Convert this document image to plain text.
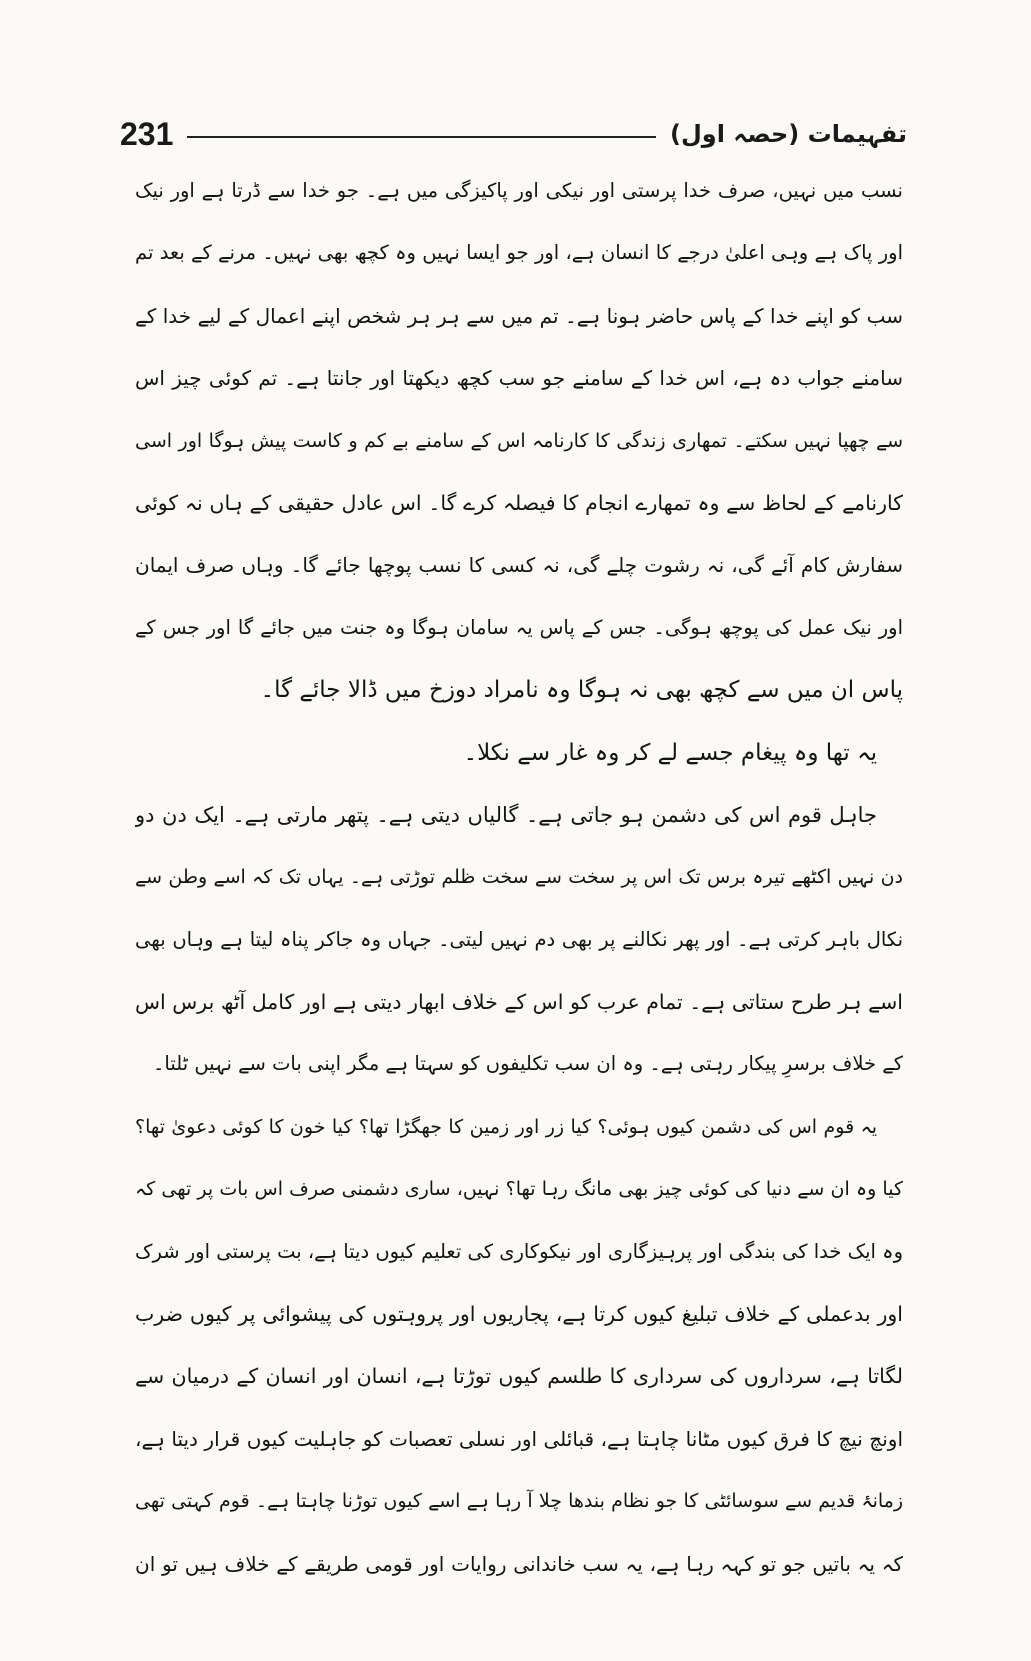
تفہیمات (حصہ اول)
231
نسب میں نہیں، صرف خدا پرستی اور نیکی اور پاکیزگی میں ہے۔ جو خدا سے ڈرتا ہے اور نیک
اور پاک ہے وہی اعلیٰ درجے کا انسان ہے، اور جو ایسا نہیں وہ کچھ بھی نہیں۔ مرنے کے بعد تم
سب کو اپنے خدا کے پاس حاضر ہونا ہے۔ تم میں سے ہر ہر شخص اپنے اعمال کے لیے خدا کے
سامنے جواب دہ ہے، اس خدا کے سامنے جو سب کچھ دیکھتا اور جانتا ہے۔ تم کوئی چیز اس
سے چھپا نہیں سکتے۔ تمھاری زندگی کا کارنامہ اس کے سامنے بے کم و کاست پیش ہوگا اور اسی
کارنامے کے لحاظ سے وہ تمھارے انجام کا فیصلہ کرے گا۔ اس عادل حقیقی کے ہاں نہ کوئی
سفارش کام آئے گی، نہ رشوت چلے گی، نہ کسی کا نسب پوچھا جائے گا۔ وہاں صرف ایمان
اور نیک عمل کی پوچھ ہوگی۔ جس کے پاس یہ سامان ہوگا وہ جنت میں جائے گا اور جس کے
پاس ان میں سے کچھ بھی نہ ہوگا وہ نامراد دوزخ میں ڈالا جائے گا۔
یہ تھا وہ پیغام جسے لے کر وہ غار سے نکلا۔
جاہل قوم اس کی دشمن ہو جاتی ہے۔ گالیاں دیتی ہے۔ پتھر مارتی ہے۔ ایک دن دو
دن نہیں اکٹھے تیرہ برس تک اس پر سخت سے سخت ظلم توڑتی ہے۔ یہاں تک کہ اسے وطن سے
نکال باہر کرتی ہے۔ اور پھر نکالنے پر بھی دم نہیں لیتی۔ جہاں وہ جاکر پناہ لیتا ہے وہاں بھی
اسے ہر طرح ستاتی ہے۔ تمام عرب کو اس کے خلاف ابھار دیتی ہے اور کامل آٹھ برس اس
کے خلاف برسرِ پیکار رہتی ہے۔ وہ ان سب تکلیفوں کو سہتا ہے مگر اپنی بات سے نہیں ٹلتا۔
یہ قوم اس کی دشمن کیوں ہوئی؟ کیا زر اور زمین کا جھگڑا تھا؟ کیا خون کا کوئی دعویٰ تھا؟
کیا وہ ان سے دنیا کی کوئی چیز بھی مانگ رہا تھا؟ نہیں، ساری دشمنی صرف اس بات پر تھی کہ
وہ ایک خدا کی بندگی اور پرہیزگاری اور نیکوکاری کی تعلیم کیوں دیتا ہے، بت پرستی اور شرک
اور بدعملی کے خلاف تبلیغ کیوں کرتا ہے، پجاریوں اور پروہتوں کی پیشوائی پر کیوں ضرب
لگاتا ہے، سرداروں کی سرداری کا طلسم کیوں توڑتا ہے، انسان اور انسان کے درمیان سے
اونچ نیچ کا فرق کیوں مٹانا چاہتا ہے، قبائلی اور نسلی تعصبات کو جاہلیت کیوں قرار دیتا ہے،
زمانۂ قدیم سے سوسائٹی کا جو نظام بندھا چلا آ رہا ہے اسے کیوں توڑنا چاہتا ہے۔ قوم کہتی تھی
کہ یہ باتیں جو تو کہہ رہا ہے، یہ سب خاندانی روایات اور قومی طریقے کے خلاف ہیں تو ان
